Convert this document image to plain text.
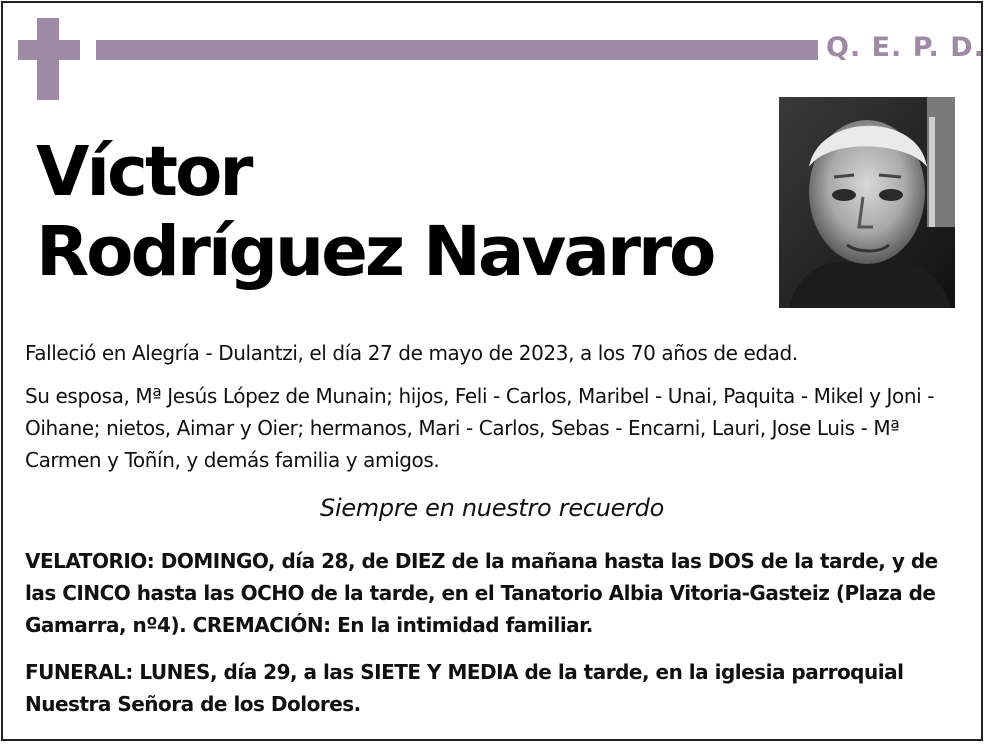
Q. E. P. D.
Víctor
Rodríguez Navarro
Falleció en Alegría - Dulantzi, el día 27 de mayo de 2023, a los 70 años de edad.
Su esposa, Mª Jesús López de Munain; hijos, Feli - Carlos, Maribel - Unai, Paquita - Mikel y Joni - Oihane; nietos, Aimar y Oier; hermanos, Mari - Carlos, Sebas - Encarni, Lauri, Jose Luis - Mª Carmen y Toñín, y demás familia y amigos.
Siempre en nuestro recuerdo
VELATORIO: DOMINGO, día 28, de DIEZ de la mañana hasta las DOS de la tarde, y de las CINCO hasta las OCHO de la tarde, en el Tanatorio Albia Vitoria-Gasteiz (Plaza de Gamarra, nº4). CREMACIÓN: En la intimidad familiar.
FUNERAL: LUNES, día 29, a las SIETE Y MEDIA de la tarde, en la iglesia parroquial Nuestra Señora de los Dolores.
